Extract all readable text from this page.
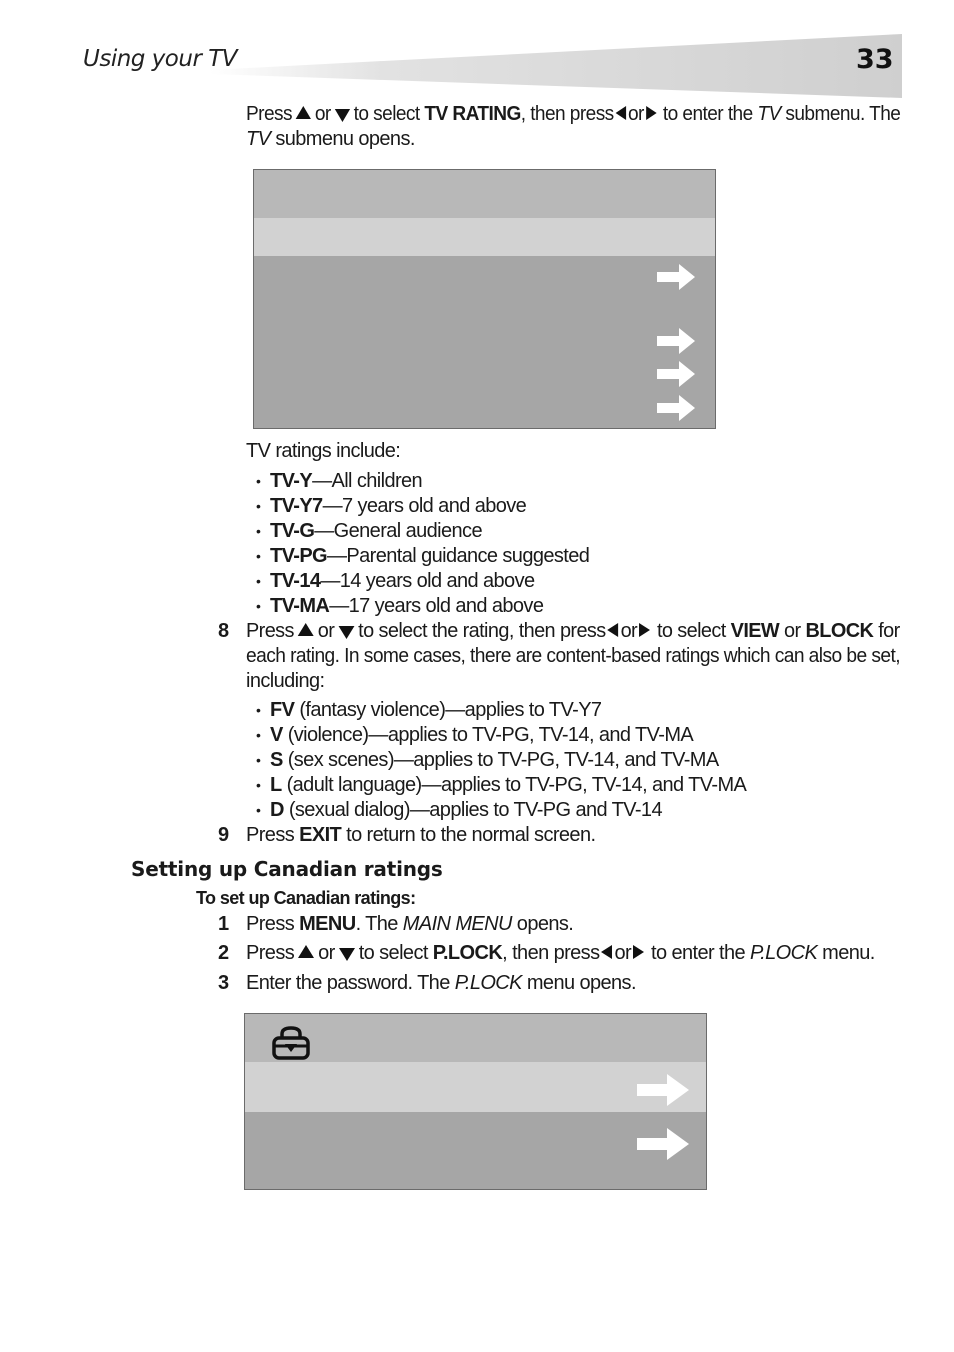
Using your TV	33
Press or to select TV RATING, then press or to enter the TV submenu. The
TV submenu opens.
TV ratings include:
• TV-Y—All children
• TV-Y7—7 years old and above
• TV-G—General audience
• TV-PG—Parental guidance suggested
• TV-14—14 years old and above
• TV-MA—17 years old and above
8 Press or to select the rating, then press or to select VIEW or BLOCK for
each rating. In some cases, there are content-based ratings which can also be set,
including:
• FV (fantasy violence)—applies to TV-Y7
• V (violence)—applies to TV-PG, TV-14, and TV-MA
• S (sex scenes)—applies to TV-PG, TV-14, and TV-MA
• L (adult language)—applies to TV-PG, TV-14, and TV-MA
• D (sexual dialog)—applies to TV-PG and TV-14
9 Press EXIT to return to the normal screen.
Setting up Canadian ratings
To set up Canadian ratings:
1 Press MENU. The MAIN MENU opens.
2 Press or to select P.LOCK, then press or to enter the P.LOCK menu.
3 Enter the password. The P.LOCK menu opens.
